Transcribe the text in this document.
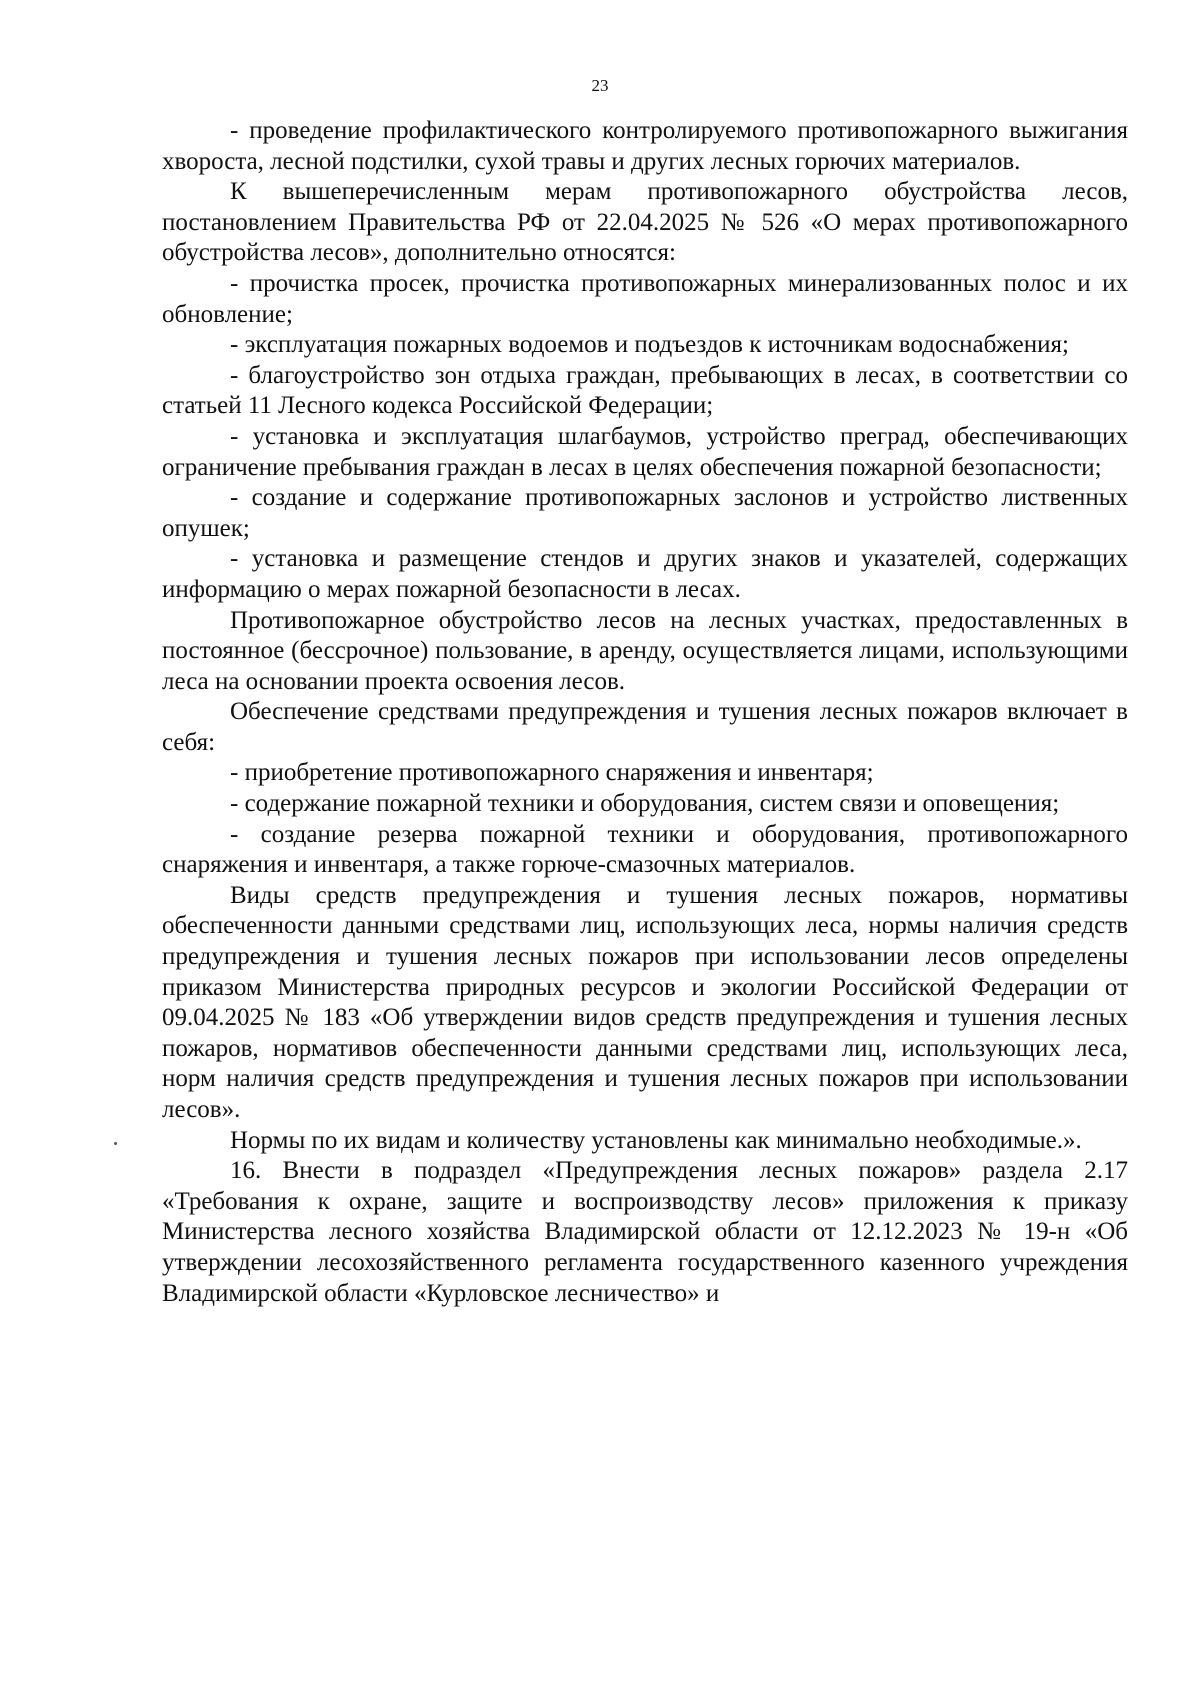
23

- проведение профилактического контролируемого противопожарного выжигания хвороста, лесной подстилки, сухой травы и других лесных горючих материалов.

К вышеперечисленным мерам противопожарного обустройства лесов, постановлением Правительства РФ от 22.04.2025 № 526 «О мерах противопожарного обустройства лесов», дополнительно относятся:

- прочистка просек, прочистка противопожарных минерализованных полос и их обновление;

- эксплуатация пожарных водоемов и подъездов к источникам водоснабжения;

- благоустройство зон отдыха граждан, пребывающих в лесах, в соответствии со статьей 11 Лесного кодекса Российской Федерации;

- установка и эксплуатация шлагбаумов, устройство преград, обеспечивающих ограничение пребывания граждан в лесах в целях обеспечения пожарной безопасности;

- создание и содержание противопожарных заслонов и устройство лиственных опушек;

- установка и размещение стендов и других знаков и указателей, содержащих информацию о мерах пожарной безопасности в лесах.

Противопожарное обустройство лесов на лесных участках, предоставленных в постоянное (бессрочное) пользование, в аренду, осуществляется лицами, использующими леса на основании проекта освоения лесов.

Обеспечение средствами предупреждения и тушения лесных пожаров включает в себя:

- приобретение противопожарного снаряжения и инвентаря;

- содержание пожарной техники и оборудования, систем связи и оповещения;

- создание резерва пожарной техники и оборудования, противопожарного снаряжения и инвентаря, а также горюче-смазочных материалов.

Виды средств предупреждения и тушения лесных пожаров, нормативы обеспеченности данными средствами лиц, использующих леса, нормы наличия средств предупреждения и тушения лесных пожаров при использовании лесов определены приказом Министерства природных ресурсов и экологии Российской Федерации от 09.04.2025 № 183 «Об утверждении видов средств предупреждения и тушения лесных пожаров, нормативов обеспеченности данными средствами лиц, использующих леса, норм наличия средств предупреждения и тушения лесных пожаров при использовании лесов».

Нормы по их видам и количеству установлены как минимально необходимые.».

16. Внести в подраздел «Предупреждения лесных пожаров» раздела 2.17 «Требования к охране, защите и воспроизводству лесов» приложения к приказу Министерства лесного хозяйства Владимирской области от 12.12.2023 № 19-н «Об утверждении лесохозяйственного регламента государственного казенного учреждения Владимирской области «Курловское лесничество» и
